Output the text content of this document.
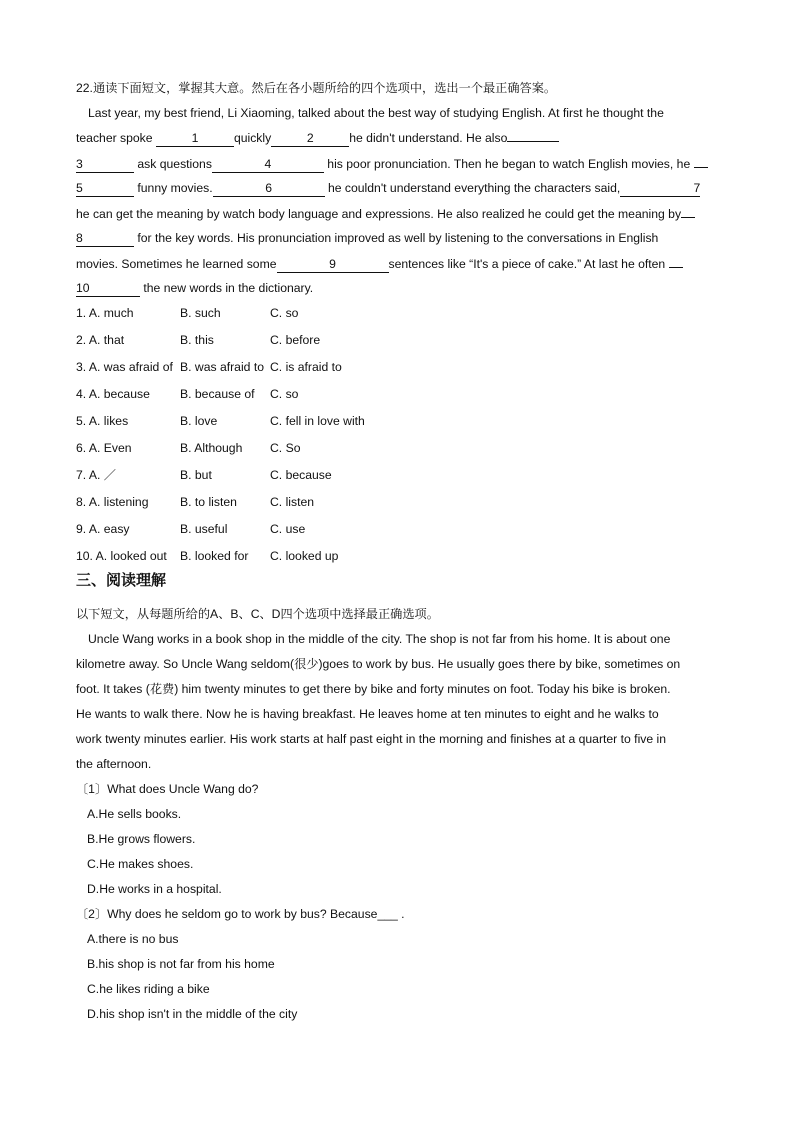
22.通读下面短文，掌握其大意。然后在各小题所给的四个选项中，选出一个最正确答案。
Last year, my best friend, Li Xiaoming, talked about the best way of studying English. At first he thought the
teacher spoke	1	quickly	2	he didn't understand. He also
3	ask questions	4	his poor pronunciation. Then he began to watch English movies, he
5	funny movies.	6	he couldn't understand everything the characters said,	7
he can get the meaning by watch body language and expressions. He also realized he could get the meaning by
8	for the key words. His pronunciation improved as well by listening to the conversations in English
movies. Sometimes he learned some	9	sentences like “It's a piece of cake.” At last he often
10	the new words in the dictionary.
1. A. much	B. such	C. so
2. A. that	B. this	C. before
3. A. was afraid of B. was afraid to C. is afraid to
4. A. because	B. because of	C. so
5. A. likes	B. love	C. fell in love with
6. A. Even	B. Although	C. So
7. A. ／	B. but	C. because
8. A. listening	B. to listen	C. listen
9. A. easy	B. useful	C. use
10. A. looked out	B. looked for	C. looked up
三、阅读理解
以下短文，从每题所给的A、B、C、D四个选项中选择最正确选项。
Uncle Wang works in a book shop in the middle of the city. The shop is not far from his home. It is about one
kilometre away. So Uncle Wang seldom(很少)goes to work by bus. He usually goes there by bike, sometimes on
foot. It takes (花费) him twenty minutes to get there by bike and forty minutes on foot. Today his bike is broken.
He wants to walk there. Now he is having breakfast. He leaves home at ten minutes to eight and he walks to
work twenty minutes earlier. His work starts at half past eight in the morning and finishes at a quarter to five in
the afternoon.
〔1〕What does Uncle Wang do?
A.He sells books.
B.He grows flowers.
C.He makes shoes.
D.He works in a hospital.
〔2〕Why does he seldom go to work by bus? Because___ .
A.there is no bus
B.his shop is not far from his home
C.he likes riding a bike
D.his shop isn't in the middle of the city
